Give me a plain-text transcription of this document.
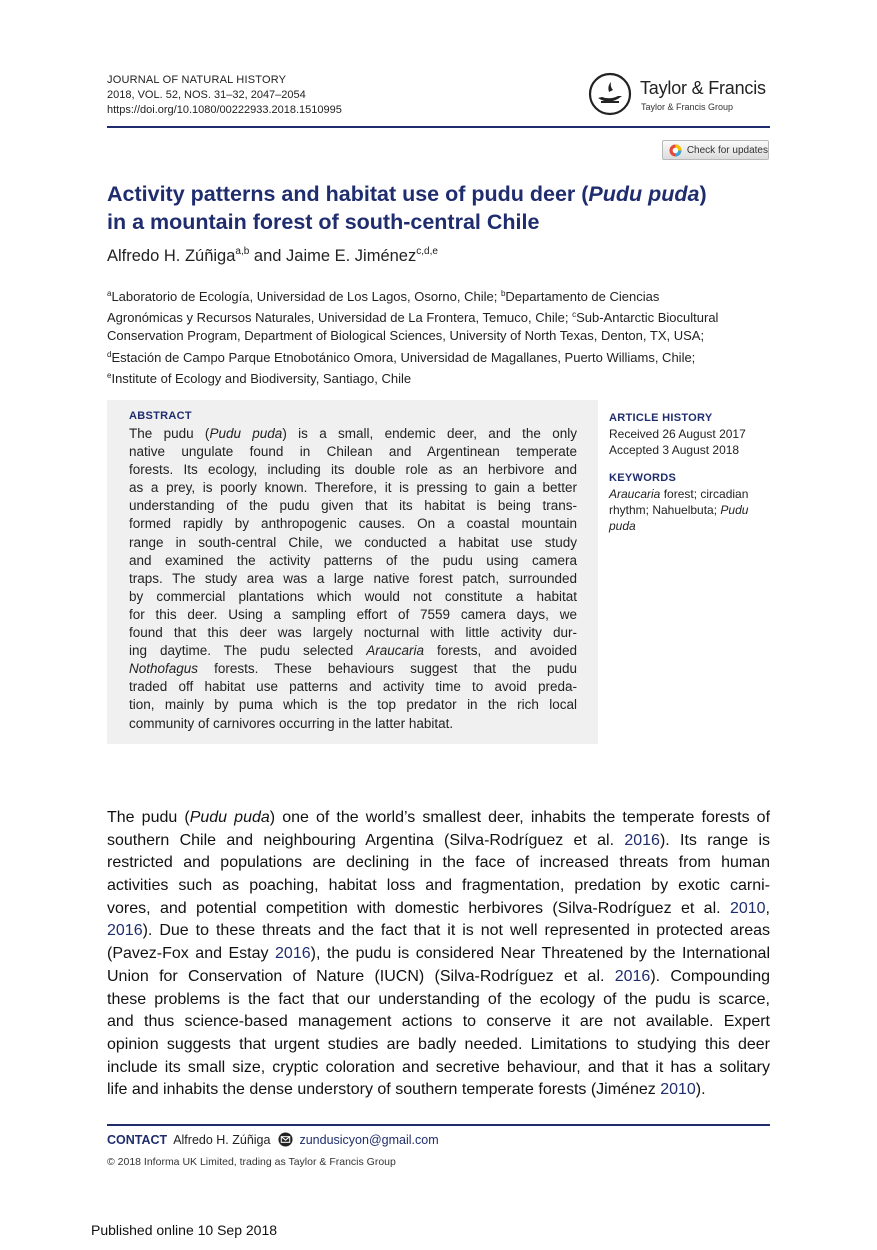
JOURNAL OF NATURAL HISTORY
2018, VOL. 52, NOS. 31–32, 2047–2054
https://doi.org/10.1080/00222933.2018.1510995
Taylor & Francis
Taylor & Francis Group
Check for updates
Activity patterns and habitat use of pudu deer (Pudu puda)
in a mountain forest of south-central Chile
Alfredo H. Zúñiga$^{a,b}$ and Jaime E. Jiménez$^{c,d,e}$
$^a$Laboratorio de Ecología, Universidad de Los Lagos, Osorno, Chile; $^b$Departamento de Ciencias
Agronómicas y Recursos Naturales, Universidad de La Frontera, Temuco, Chile; $^c$Sub-Antarctic Biocultural
Conservation Program, Department of Biological Sciences, University of North Texas, Denton, TX, USA;
$^d$Estación de Campo Parque Etnobotánico Omora, Universidad de Magallanes, Puerto Williams, Chile;
$^e$Institute of Ecology and Biodiversity, Santiago, Chile
ABSTRACT
The pudu (Pudu puda) is a small, endemic deer, and the only
native ungulate found in Chilean and Argentinean temperate
forests. Its ecology, including its double role as an herbivore and
as a prey, is poorly known. Therefore, it is pressing to gain a better
understanding of the pudu given that its habitat is being trans-
formed rapidly by anthropogenic causes. On a coastal mountain
range in south-central Chile, we conducted a habitat use study
and examined the activity patterns of the pudu using camera
traps. The study area was a large native forest patch, surrounded
by commercial plantations which would not constitute a habitat
for this deer. Using a sampling effort of 7559 camera days, we
found that this deer was largely nocturnal with little activity dur-
ing daytime. The pudu selected Araucaria forests, and avoided
Nothofagus forests. These behaviours suggest that the pudu
traded off habitat use patterns and activity time to avoid preda-
tion, mainly by puma which is the top predator in the rich local
community of carnivores occurring in the latter habitat.
ARTICLE HISTORY
Received 26 August 2017
Accepted 3 August 2018
KEYWORDS
Araucaria forest; circadian
rhythm; Nahuelbuta; Pudu
puda
The pudu (Pudu puda) one of the world’s smallest deer, inhabits the temperate forests of
southern Chile and neighbouring Argentina (Silva-Rodríguez et al. 2016). Its range is
restricted and populations are declining in the face of increased threats from human
activities such as poaching, habitat loss and fragmentation, predation by exotic carni-
vores, and potential competition with domestic herbivores (Silva-Rodríguez et al. 2010,
2016). Due to these threats and the fact that it is not well represented in protected areas
(Pavez-Fox and Estay 2016), the pudu is considered Near Threatened by the International
Union for Conservation of Nature (IUCN) (Silva-Rodríguez et al. 2016). Compounding
these problems is the fact that our understanding of the ecology of the pudu is scarce,
and thus science-based management actions to conserve it are not available. Expert
opinion suggests that urgent studies are badly needed. Limitations to studying this deer
include its small size, cryptic coloration and secretive behaviour, and that it has a solitary
life and inhabits the dense understory of southern temperate forests (Jiménez 2010).
CONTACT Alfredo H. Zúñiga zundusicyon@gmail.com
© 2018 Informa UK Limited, trading as Taylor & Francis Group
Published online 10 Sep 2018
